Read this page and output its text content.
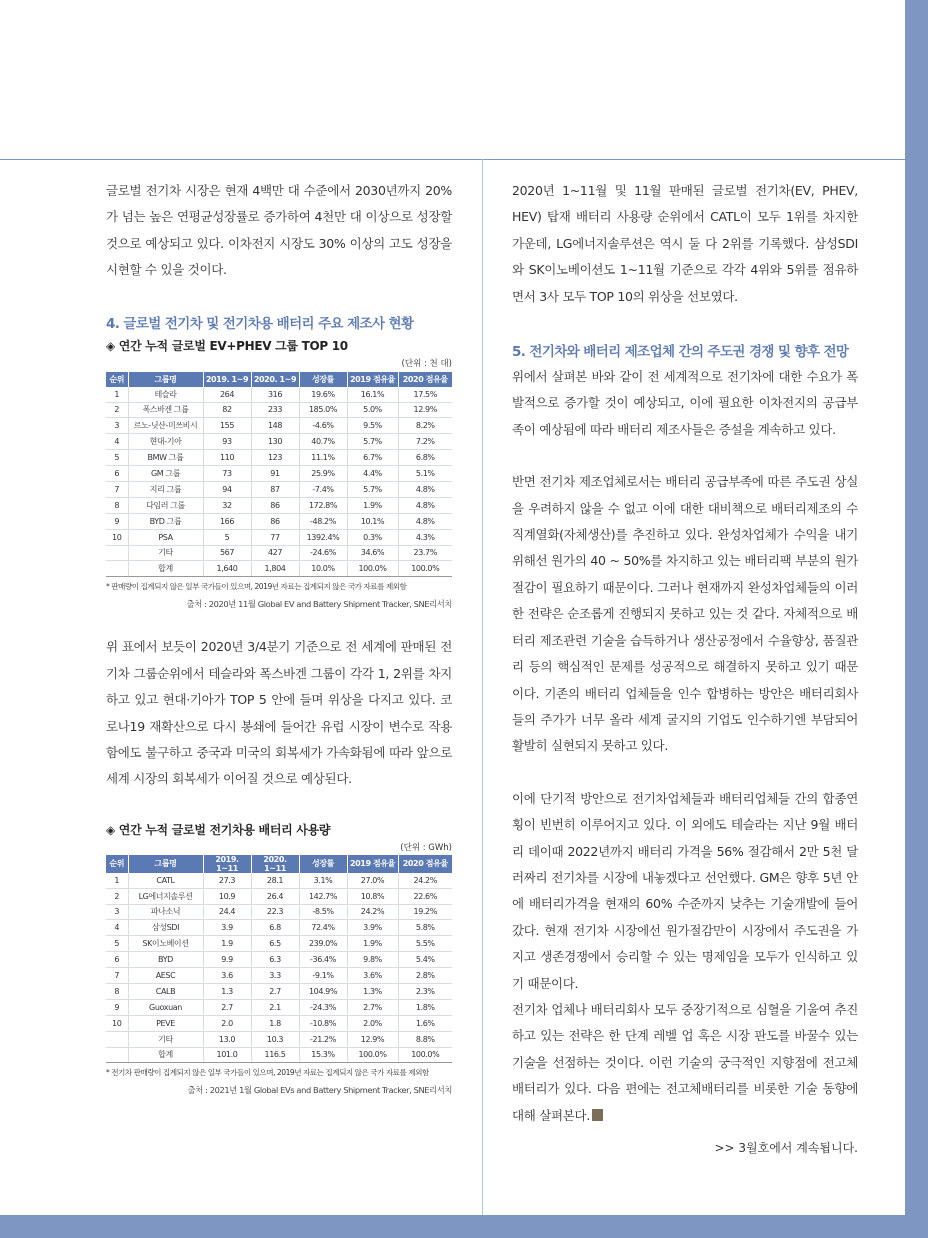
글로벌 전기차 시장은 현재 4백만 대 수준에서 2030년까지 20%가 넘는 높은 연평균성장률로 증가하여 4천만 대 이상으로 성장할 것으로 예상되고 있다. 이차전지 시장도 30% 이상의 고도 성장을 시현할 수 있을 것이다.

4. 글로벌 전기차 및 전기차용 배터리 주요 제조사 현황
◈ 연간 누적 글로벌 EV+PHEV 그룹 TOP 10
(단위 : 천 대)
순위	그룹명	2019. 1~9	2020. 1~9	성장률	2019 점유율	2020 점유율
1	테슬라	264	316	19.6%	16.1%	17.5%
2	폭스바겐 그룹	82	233	185.0%	5.0%	12.9%
3	르노-닛산-미쓰비시	155	148	-4.6%	9.5%	8.2%
4	현대-기아	93	130	40.7%	5.7%	7.2%
5	BMW 그룹	110	123	11.1%	6.7%	6.8%
6	GM 그룹	73	91	25.9%	4.4%	5.1%
7	지리 그룹	94	87	-7.4%	5.7%	4.8%
8	다임러 그룹	32	86	172.8%	1.9%	4.8%
9	BYD 그룹	166	86	-48.2%	10.1%	4.8%
10	PSA	5	77	1392.4%	0.3%	4.3%
	기타	567	427	-24.6%	34.6%	23.7%
	합계	1,640	1,804	10.0%	100.0%	100.0%
* 판매량이 집계되지 않은 일부 국가들이 있으며, 2019년 자료는 집계되지 않은 국가 자료를 제외함
출처 : 2020년 11월 Global EV and Battery Shipment Tracker, SNE리서치

위 표에서 보듯이 2020년 3/4분기 기준으로 전 세계에 판매된 전기차 그룹순위에서 테슬라와 폭스바겐 그룹이 각각 1, 2위를 차지하고 있고 현대·기아가 TOP 5 안에 들며 위상을 다지고 있다. 코로나19 재확산으로 다시 봉쇄에 들어간 유럽 시장이 변수로 작용함에도 불구하고 중국과 미국의 회복세가 가속화됨에 따라 앞으로 세계 시장의 회복세가 이어질 것으로 예상된다.

◈ 연간 누적 글로벌 전기차용 배터리 사용량
(단위 : GWh)
순위	그룹명	2019. 1~11	2020. 1~11	성장률	2019 점유율	2020 점유율
1	CATL	27.3	28.1	3.1%	27.0%	24.2%
2	LG에너지솔루션	10.9	26.4	142.7%	10.8%	22.6%
3	파나소닉	24.4	22.3	-8.5%	24.2%	19.2%
4	삼성SDI	3.9	6.8	72.4%	3.9%	5.8%
5	SK이노베이션	1.9	6.5	239.0%	1.9%	5.5%
6	BYD	9.9	6.3	-36.4%	9.8%	5.4%
7	AESC	3.6	3.3	-9.1%	3.6%	2.8%
8	CALB	1.3	2.7	104.9%	1.3%	2.3%
9	Guoxuan	2.7	2.1	-24.3%	2.7%	1.8%
10	PEVE	2.0	1.8	-10.8%	2.0%	1.6%
	기타	13.0	10.3	-21.2%	12.9%	8.8%
	합계	101.0	116.5	15.3%	100.0%	100.0%
* 전기차 판매량이 집계되지 않은 일부 국가들이 있으며, 2019년 자료는 집계되지 않은 국가 자료를 제외함
출처 : 2021년 1월 Global EVs and Battery Shipment Tracker, SNE리서치

2020년 1~11월 및 11월 판매된 글로벌 전기차(EV, PHEV, HEV) 탑재 배터리 사용량 순위에서 CATL이 모두 1위를 차지한 가운데, LG에너지솔루션은 역시 둘 다 2위를 기록했다. 삼성SDI와 SK이노베이션도 1~11월 기준으로 각각 4위와 5위를 점유하면서 3사 모두 TOP 10의 위상을 선보였다.

5. 전기차와 배터리 제조업체 간의 주도권 경쟁 및 향후 전망

위에서 살펴본 바와 같이 전 세계적으로 전기차에 대한 수요가 폭발적으로 증가할 것이 예상되고, 이에 필요한 이차전지의 공급부족이 예상됨에 따라 배터리 제조사들은 증설을 계속하고 있다.

반면 전기차 제조업체로서는 배터리 공급부족에 따른 주도권 상실을 우려하지 않을 수 없고 이에 대한 대비책으로 배터리제조의 수직계열화(자체생산)를 추진하고 있다. 완성차업체가 수익을 내기 위해선 원가의 40 ~ 50%를 차지하고 있는 배터리팩 부분의 원가절감이 필요하기 때문이다. 그러나 현재까지 완성차업체들의 이러한 전략은 순조롭게 진행되지 못하고 있는 것 같다. 자체적으로 배터리 제조관련 기술을 습득하거나 생산공정에서 수율향상, 품질관리 등의 핵심적인 문제를 성공적으로 해결하지 못하고 있기 때문이다. 기존의 배터리 업체들을 인수 합병하는 방안은 배터리회사들의 주가가 너무 올라 세계 굴지의 기업도 인수하기엔 부담되어 활발히 실현되지 못하고 있다.

이에 단기적 방안으로 전기차업체들과 배터리업체들 간의 합종연횡이 빈번히 이루어지고 있다. 이 외에도 테슬라는 지난 9월 배터리 데이때 2022년까지 배터리 가격을 56% 절감해서 2만 5천 달러짜리 전기차를 시장에 내놓겠다고 선언했다. GM은 향후 5년 안에 배터리가격을 현재의 60% 수준까지 낮추는 기술개발에 들어갔다. 현재 전기차 시장에선 원가절감만이 시장에서 주도권을 가지고 생존경쟁에서 승리할 수 있는 명제임을 모두가 인식하고 있기 때문이다.

전기차 업체나 배터리회사 모두 중장기적으로 심혈을 기울여 추진하고 있는 전략은 한 단계 레벨 업 혹은 시장 판도를 바꿀수 있는 기술을 선점하는 것이다. 이런 기술의 궁극적인 지향점에 전고체배터리가 있다. 다음 편에는 전고체배터리를 비롯한 기술 동향에 대해 살펴본다.

>> 3월호에서 계속됩니다.
